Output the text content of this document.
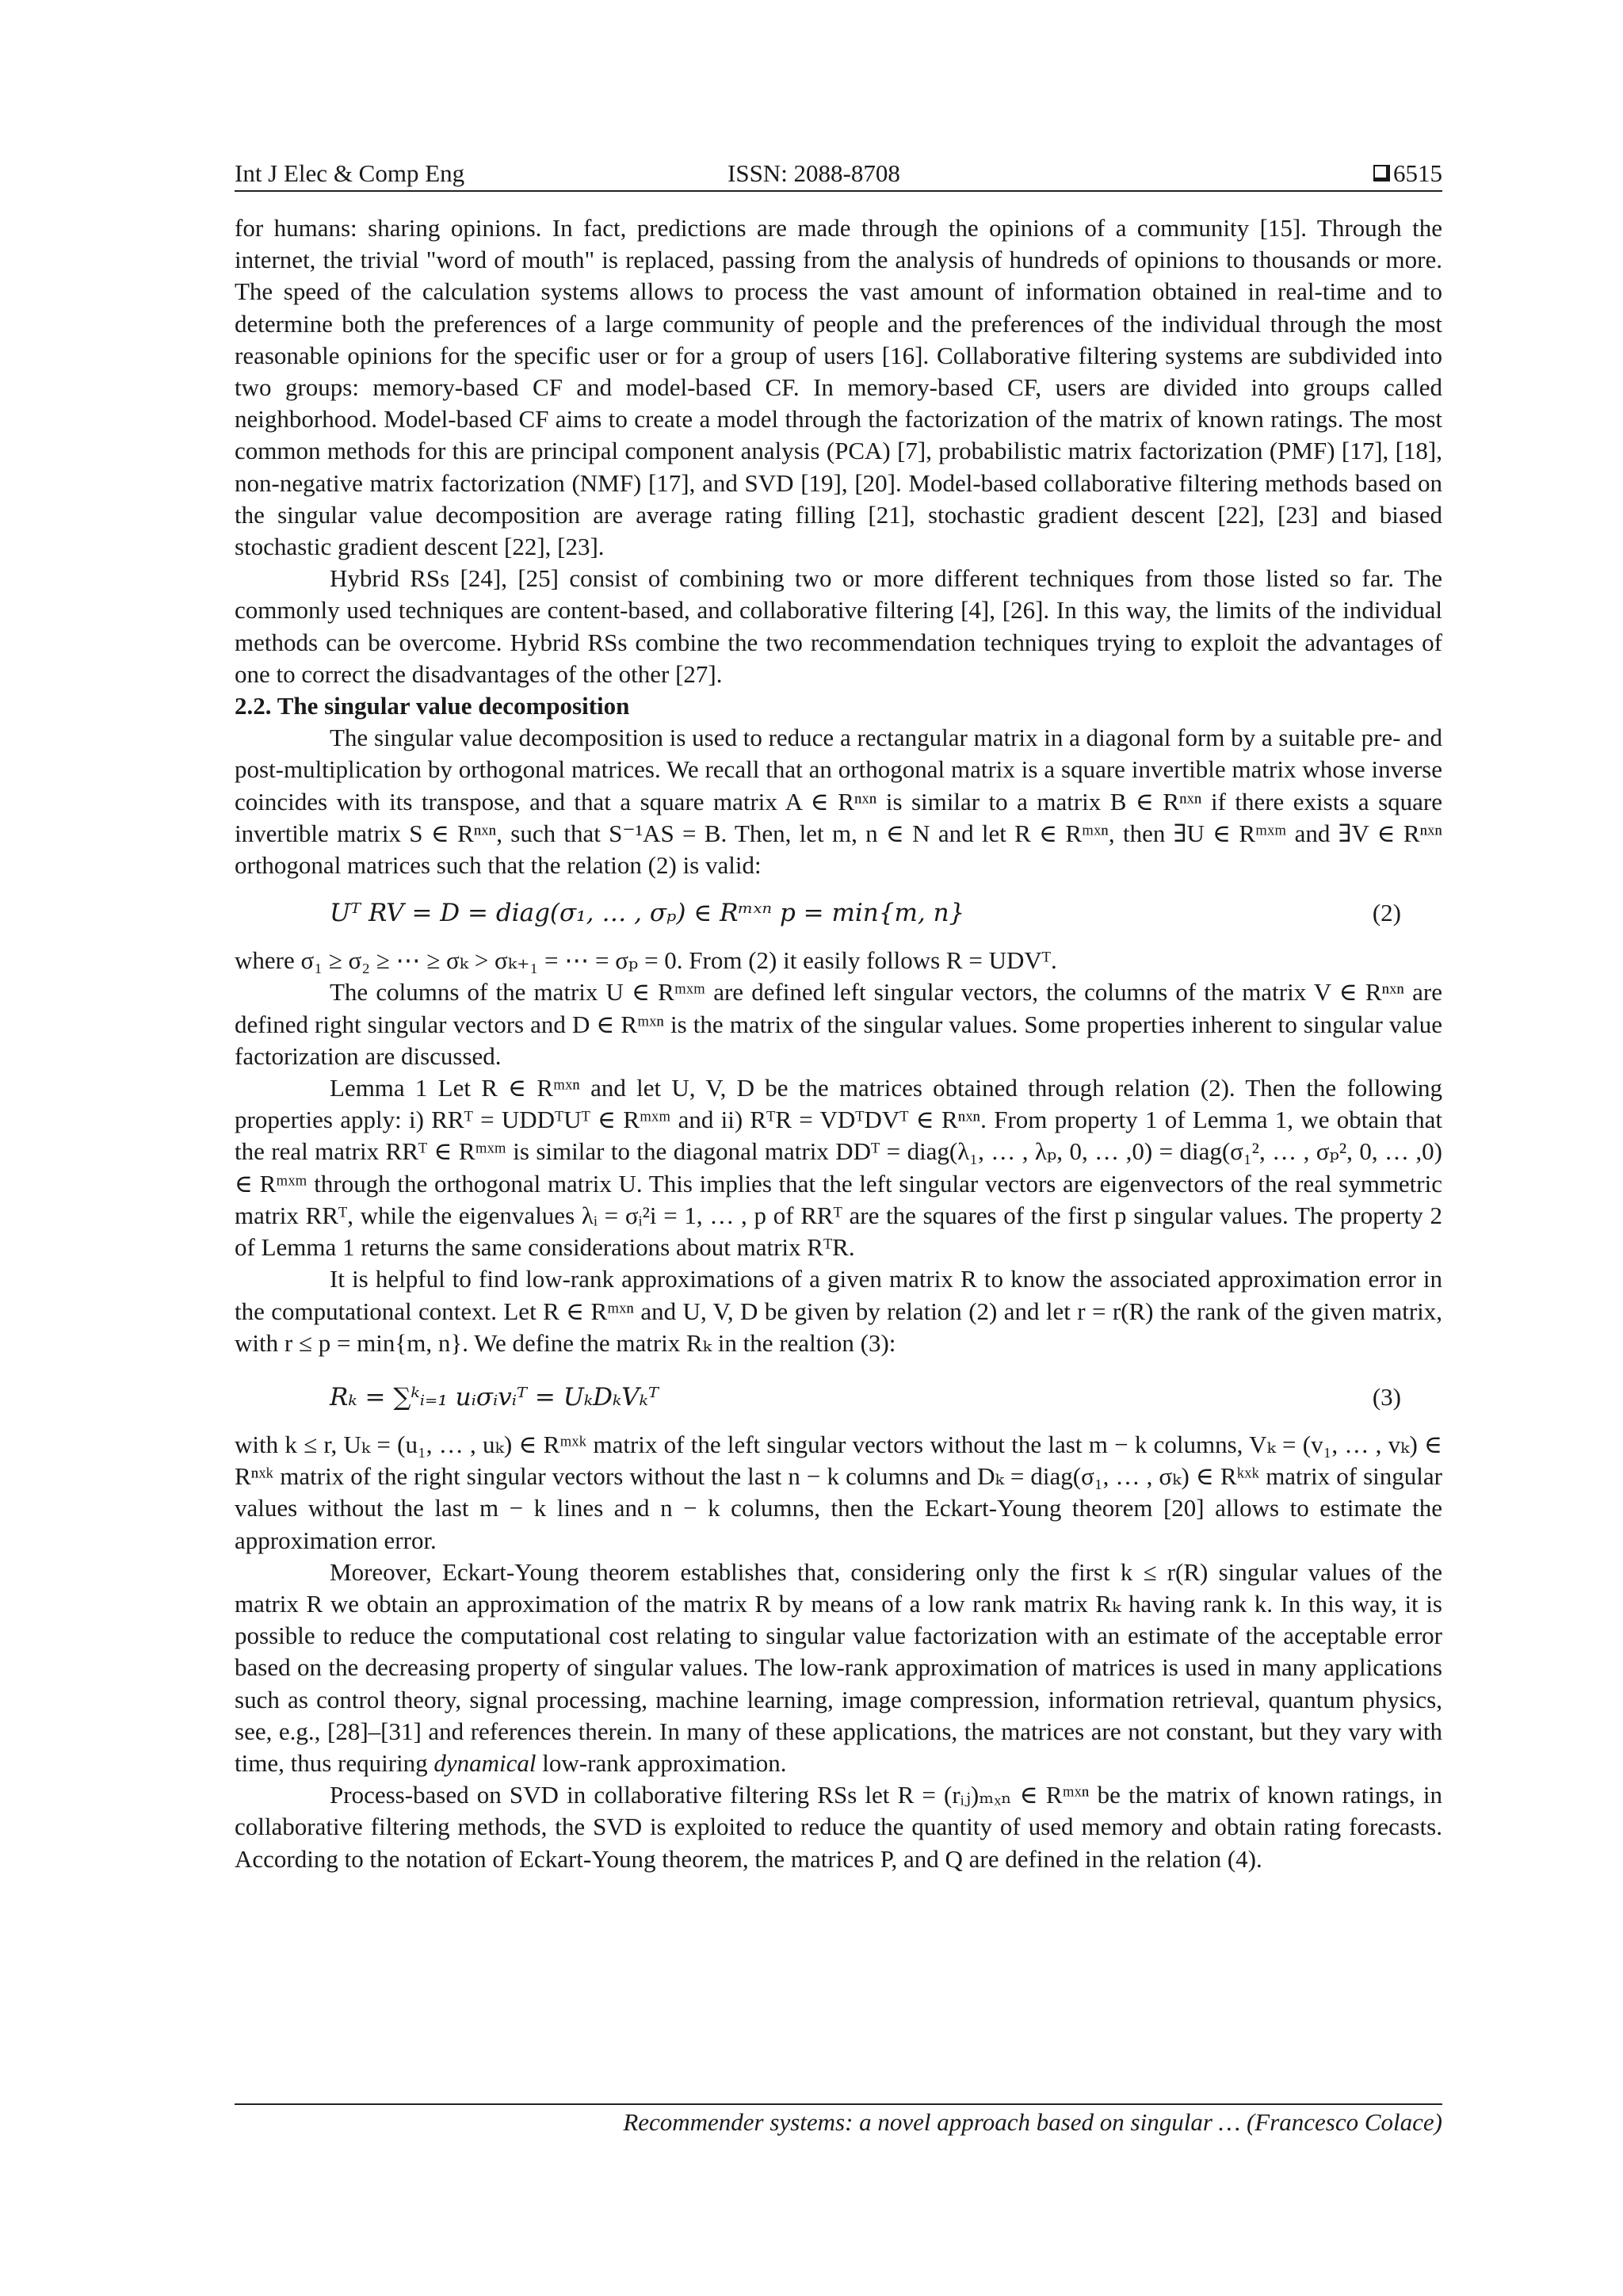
Int J Elec & Comp Eng	ISSN: 2088-8708	6515

for humans: sharing opinions. In fact, predictions are made through the opinions of a community [15]. Through the internet, the trivial "word of mouth" is replaced, passing from the analysis of hundreds of opinions to thousands or more. The speed of the calculation systems allows to process the vast amount of information obtained in real-time and to determine both the preferences of a large community of people and the preferences of the individual through the most reasonable opinions for the specific user or for a group of users [16]. Collaborative filtering systems are subdivided into two groups: memory-based CF and model-based CF. In memory-based CF, users are divided into groups called neighborhood. Model-based CF aims to create a model through the factorization of the matrix of known ratings. The most common methods for this are principal component analysis (PCA) [7], probabilistic matrix factorization (PMF) [17], [18], non-negative matrix factorization (NMF) [17], and SVD [19], [20]. Model-based collaborative filtering methods based on the singular value decomposition are average rating filling [21], stochastic gradient descent [22], [23] and biased stochastic gradient descent [22], [23].

Hybrid RSs [24], [25] consist of combining two or more different techniques from those listed so far. The commonly used techniques are content-based, and collaborative filtering [4], [26]. In this way, the limits of the individual methods can be overcome. Hybrid RSs combine the two recommendation techniques trying to exploit the advantages of one to correct the disadvantages of the other [27].

2.2. The singular value decomposition

The singular value decomposition is used to reduce a rectangular matrix in a diagonal form by a suitable pre- and post-multiplication by orthogonal matrices. We recall that an orthogonal matrix is a square invertible matrix whose inverse coincides with its transpose, and that a square matrix A ∈ Rⁿˣⁿ is similar to a matrix B ∈ Rⁿˣⁿ if there exists a square invertible matrix S ∈ Rⁿˣⁿ, such that S⁻¹AS = B. Then, let m, n ∈ N and let R ∈ Rᵐˣⁿ, then ∃U ∈ Rᵐˣᵐ and ∃V ∈ Rⁿˣⁿ orthogonal matrices such that the relation (2) is valid:

Uᵀ RV = D = diag(σ₁, … , σₚ) ∈ Rᵐˣⁿ p = min{m, n}	(2)

where σ₁ ≥ σ₂ ≥ ⋯ ≥ σₖ > σₖ₊₁ = ⋯ = σₚ = 0. From (2) it easily follows R = UDVᵀ.

The columns of the matrix U ∈ Rᵐˣᵐ are defined left singular vectors, the columns of the matrix V ∈ Rⁿˣⁿ are defined right singular vectors and D ∈ Rᵐˣⁿ is the matrix of the singular values. Some properties inherent to singular value factorization are discussed.

Lemma 1 Let R ∈ Rᵐˣⁿ and let U, V, D be the matrices obtained through relation (2). Then the following properties apply: i) RRᵀ = UDDᵀUᵀ ∈ Rᵐˣᵐ and ii) RᵀR = VDᵀDVᵀ ∈ Rⁿˣⁿ. From property 1 of Lemma 1, we obtain that the real matrix RRᵀ ∈ Rᵐˣᵐ is similar to the diagonal matrix DDᵀ = diag(λ₁, … , λₚ, 0, … ,0) = diag(σ₁², … , σₚ², 0, … ,0) ∈ Rᵐˣᵐ through the orthogonal matrix U. This implies that the left singular vectors are eigenvectors of the real symmetric matrix RRᵀ, while the eigenvalues λᵢ = σᵢ²i = 1, … , p of RRᵀ are the squares of the first p singular values. The property 2 of Lemma 1 returns the same considerations about matrix RᵀR.

It is helpful to find low-rank approximations of a given matrix R to know the associated approximation error in the computational context. Let R ∈ Rᵐˣⁿ and U, V, D be given by relation (2) and let r = r(R) the rank of the given matrix, with r ≤ p = min{m, n}. We define the matrix Rₖ in the realtion (3):

Rₖ = ∑ᵏᵢ₌₁ uᵢσᵢvᵢᵀ = UₖDₖVₖᵀ	(3)

with k ≤ r, Uₖ = (u₁, … , uₖ) ∈ Rᵐˣᵏ matrix of the left singular vectors without the last m − k columns, Vₖ = (v₁, … , vₖ) ∈ Rⁿˣᵏ matrix of the right singular vectors without the last n − k columns and Dₖ = diag(σ₁, … , σₖ) ∈ Rᵏˣᵏ matrix of singular values without the last m − k lines and n − k columns, then the Eckart-Young theorem [20] allows to estimate the approximation error.

Moreover, Eckart-Young theorem establishes that, considering only the first k ≤ r(R) singular values of the matrix R we obtain an approximation of the matrix R by means of a low rank matrix Rₖ having rank k. In this way, it is possible to reduce the computational cost relating to singular value factorization with an estimate of the acceptable error based on the decreasing property of singular values. The low-rank approximation of matrices is used in many applications such as control theory, signal processing, machine learning, image compression, information retrieval, quantum physics, see, e.g., [28]–[31] and references therein. In many of these applications, the matrices are not constant, but they vary with time, thus requiring dynamical low-rank approximation.

Process-based on SVD in collaborative filtering RSs let R = (rᵢⱼ)ₘₓₙ ∈ Rᵐˣⁿ be the matrix of known ratings, in collaborative filtering methods, the SVD is exploited to reduce the quantity of used memory and obtain rating forecasts. According to the notation of Eckart-Young theorem, the matrices P, and Q are defined in the relation (4).

Recommender systems: a novel approach based on singular … (Francesco Colace)
